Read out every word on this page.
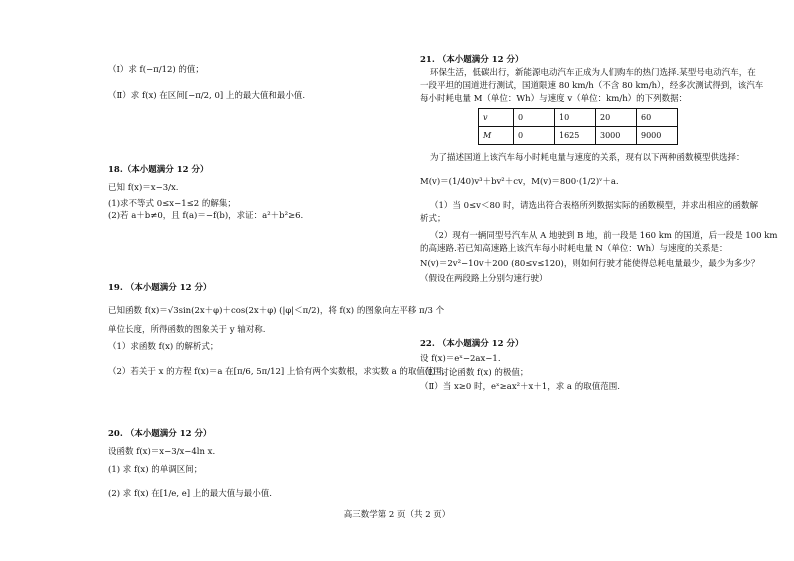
（Ⅰ）求 f(−π/12) 的值；
（Ⅱ）求 f(x) 在区间[−π/2, 0] 上的最大值和最小值.
18.（本小题满分 12 分）
已知 f(x)＝x−3/x.
(1)求不等式 0≤x−1≤2 的解集；
(2)若 a＋b≠0，且 f(a)＝−f(b)，求证：a²＋b²≥6.
19. （本小题满分 12 分）
已知函数 f(x)＝√3sin(2x＋φ)＋cos(2x＋φ) (|φ|＜π/2)，将 f(x) 的图象向左平移 π/3 个
单位长度，所得函数的图象关于 y 轴对称.
（1）求函数 f(x) 的解析式；
（2）若关于 x 的方程 f(x)＝a 在[π/6, 5π/12] 上恰有两个实数根，求实数 a 的取值范围.
20. （本小题满分 12 分）
设函数 f(x)＝x−3/x−4ln x.
(1) 求 f(x) 的单调区间；
(2) 求 f(x) 在[1/e, e] 上的最大值与最小值.
21. （本小题满分 12 分）
环保生活，低碳出行，新能源电动汽车正成为人们购车的热门选择.某型号电动汽车，在
一段平坦的国道进行测试，国道限速 80 km/h（不含 80 km/h），经多次测试得到，该汽车
每小时耗电量 M（单位：Wh）与速度 v（单位：km/h）的下列数据：
v	0	10	20	60
M	0	1625	3000	9000
为了描述国道上该汽车每小时耗电量与速度的关系，现有以下两种函数模型供选择：
M(v)＝(1/40)v³＋bv²＋cv，M(v)＝800·(1/2)ᵛ＋a.
（1）当 0≤v＜80 时，请选出符合表格所列数据实际的函数模型，并求出相应的函数解
析式；
（2）现有一辆同型号汽车从 A 地驶到 B 地，前一段是 160 km 的国道，后一段是 100 km
的高速路.若已知高速路上该汽车每小时耗电量 N（单位：Wh）与速度的关系是：
N(v)＝2v²−10v＋200 (80≤v≤120)，则如何行驶才能使得总耗电量最少，最少为多少？
（假设在两段路上分别匀速行驶）
22. （本小题满分 12 分）
设 f(x)＝eˣ−2ax−1.
（Ⅰ）讨论函数 f(x) 的极值；
（Ⅱ）当 x≥0 时，eˣ≥ax²＋x＋1，求 a 的取值范围.
高三数学第 2 页（共 2 页）
